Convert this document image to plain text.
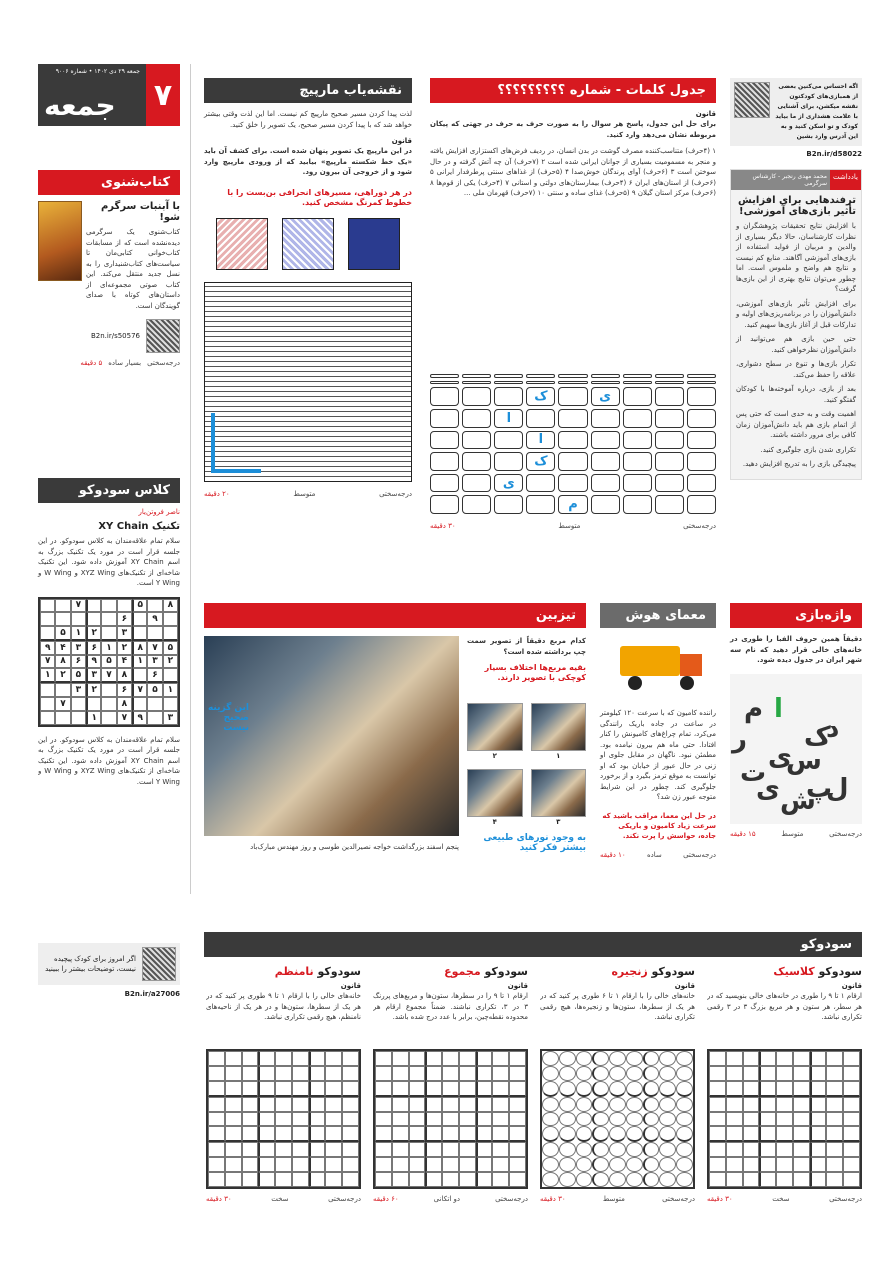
۷
جمعه ۲۹ دی ۱۴۰۲ • شماره ۹۰۰۶
جمعه
کتاب‌شنوی
با آبنبات سرگرم شو!
کتاب‌شنوی یک سرگرمی دیده‌نشده است که از مسابقات کتاب‌خوانی کتابی‌مان تا سیاست‌های کتاب‌شنیداری را به نسل جدید منتقل می‌کند. این کتاب صوتی مجموعه‌ای از داستان‌های کوتاه با صدای گویندگان است.
B2n.ir/s50576
درجه‌سختی
بسیار ساده
۵ دقیقه
کلاس سودوکو
ناصر فروتن‌یار
تکنیک XY Chain
سلام تمام علاقه‌مندان به کلاس سودوکو. در این جلسه قرار است در مورد یک تکنیک بزرگ به اسم XY Chain آموزش داده شود. این تکنیک شاخه‌ای از تکنیک‌های XYZ Wing و W Wing و Y Wing است.
۸
۵
۷
۹
۶
۳
۲
۱
۵
۵
۷
۸
۲
۱
۶
۳
۴
۹
۲
۳
۱
۴
۵
۹
۶
۸
۷
۶
۸
۷
۳
۵
۲
۱
۱
۵
۷
۶
۲
۳
۸
۷
۳
۹
۷
۱
سلام تمام علاقه‌مندان به کلاس سودوکو. در این جلسه قرار است در مورد یک تکنیک بزرگ به اسم XY Chain آموزش داده شود. این تکنیک شاخه‌ای از تکنیک‌های XYZ Wing و W Wing و Y Wing است.
اگر امروز برای کودک پیچیده نیست، توضیحات بیشتر را ببینید
B2n.ir/a27006
نقشه‌یاب مارپیچ
لذت پیدا کردن مسیر صحیح مارپیچ کم نیست. اما این لذت وقتی بیشتر خواهد شد که با پیدا کردن مسیر صحیح، یک تصویر را خلق کنید.
قانون
در این مارپیچ یک تصویر پنهان شده است. برای کشف آن باید «یک خط شکسته مارپیچ» بیابید که از ورودی مارپیچ وارد شود و از خروجی آن بیرون رود.
در هر دوراهی، مسیرهای انحرافی بن‌بست را با خطوط کمرنگ مشخص کنید.
درجه‌سختی
متوسط
۲۰ دقیقه
جدول کلمات - شماره ؟؟؟؟؟؟؟؟؟
قانون
برای حل این جدول، پاسخ هر سوال را به صورت حرف به حرف در جهتی که پیکان مربوطه نشان می‌دهد وارد کنید.
۱ (۴حرف) متناسب‌کننده مصرف گوشت در بدن انسان، در ردیف فرض‌های اکستزاری افزایش یافته و منجر به مسمومیت بسیاری از جوانان ایرانی شده است ۲ (۷حرف) آن چه آتش گرفته و در حال سوختن است ۳ (۶حرف) آوای پرندگان خوش‌صدا ۴ (۵حرف) از غذاهای سنتی پرطرفدار ایرانی ۵ (۶حرف) از استان‌های ایران ۶ (۴حرف) بیمارستان‌های دولتی و استانی ۷ (۴حرف) یکی از قوم‌ها ۸ (۶حرف) مرکز استان گیلان ۹ (۵حرف) غذای ساده و سنتی ۱۰ (۷حرف) قهرمان ملی ...
ی
ک
ا
ا
ک
ی
م
درجه‌سختی
متوسط
۳۰ دقیقه
اگه احساس می‌کنین بعضی از همبازی‌های کودکتون نقشه میکشن، برای آشنایی با علامت هشداری از ما بیاید کودک و تو اسکن کنید و به این آدرس وارد بشین
B2n.ir/d58022
یادداشت
محمد مهدی رنجبر - کارشناس سرگرمی
ترفندهایی برای افزایش تأثیر بازی‌های آموزشی!
با افزایش نتایج تحقیقات پژوهشگران و نظرات کارشناسان، حالا دیگر بسیاری از والدین و مربیان از فواید استفاده از بازی‌های آموزشی آگاهند. منابع کم نیست و نتایج هم واضح و ملموس است. اما چطور می‌توان نتایج بهتری از این بازی‌ها گرفت؟
برای افزایش تأثیر بازی‌های آموزشی، دانش‌آموزان را در برنامه‌ریزی‌های اولیه و تدارکات قبل از آغاز بازی‌ها سهیم کنید.
حتی حین بازی هم می‌توانید از دانش‌آموزان نظرخواهی کنید.
تکرار بازی‌ها و تنوع در سطح دشواری، علاقه را حفظ می‌کند.
بعد از بازی، درباره آموخته‌ها با کودکان گفتگو کنید.
اهمیت وقت و به حدی است که حتی پس از اتمام بازی هم باید دانش‌آموزان زمان کافی برای مرور داشته باشند.
تکراری شدن بازی جلوگیری کنید.
پیچیدگی بازی را به تدریج افزایش دهید.
واژه‌بازی
دقیقاً همین حروف الفبا را طوری در خانه‌های خالی قرار دهید که نام سه شهر ایران در جدول دیده شود.
ل
پ
ش
ی
ت
ی
س
ک
د
ا
م
ر
درجه‌سختی
متوسط
۱۵ دقیقه
معمای هوش
راننده کامیون که با سرعت ۱۲۰ کیلومتر در ساعت در جاده باریک رانندگی می‌کرد، تمام چراغ‌های کامیونش را کنار افتادا. حتی ماه هم بیرون نیامده بود. مطمئن نبود. ناگهان در مقابل جلوی او زنی در حال عبور از خیابان بود که او توانست به موقع ترمز بگیرد و از برخورد جلوگیری کند. چطور در این شرایط متوجه عبور زن شد؟
در حل این معما، مراقب باشید که سرعت زیاد کامیون و باریکی جاده، حواسش را پرت نکند.
درجه‌سختی
ساده
۱۰ دقیقه
تیزبین
کدام مربع دقیقاً از تصویر سمت چپ برداشته شده است؟
بقیه مربع‌ها اختلاف بسیار کوچکی با تصویر دارند.
۱
۲
۳
۴
به وجود نورهای طبیعی بیشتر فکر کنید
پنجم اسفند بزرگداشت خواجه نصیرالدین طوسی و روز مهندس مبارک‌باد
این گزینه صحیح نیست
سودوکو
سودوکو کلاسیک
قانون
ارقام ۱ تا ۹ را طوری در خانه‌های خالی بنویسید که در هر سطر، هر ستون و هر مربع بزرگ ۳ در ۳ رقمی تکراری نباشد.
درجه‌سختی
سخت
۳۰ دقیقه
سودوکو زنجیره
قانون
خانه‌های خالی را با ارقام ۱ تا ۶ طوری پر کنید که در هر یک از سطرها، ستون‌ها و زنجیره‌ها، هیچ رقمی تکراری نباشد.
درجه‌سختی
متوسط
۳۰ دقیقه
سودوکو مجموع
قانون
ارقام ۱ تا ۹ را در سطرها، ستون‌ها و مربع‌های پررنگ ۳ در ۳، تکراری نباشند. ضمناً مجموع ارقام هر محدوده نقطه‌چین، برابر با عدد درج شده باشد.
درجه‌سختی
دو اتکانی
۶۰ دقیقه
سودوکو نامنظم
قانون
خانه‌های خالی را با ارقام ۱ تا ۹ طوری پر کنید که در هر یک از سطرها، ستون‌ها و در هر یک از ناحیه‌های نامنظم، هیچ رقمی تکراری نباشد.
درجه‌سختی
سخت
۳۰ دقیقه
